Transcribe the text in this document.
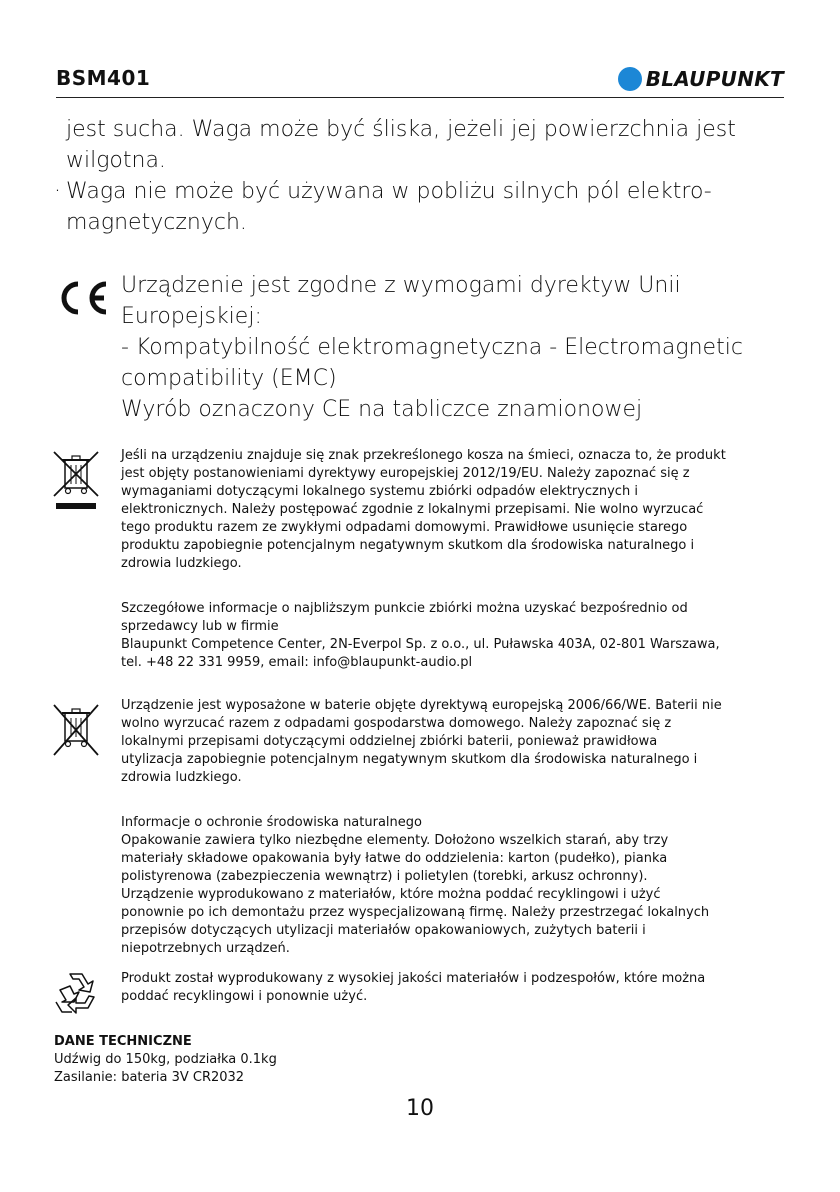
BSM401	BLAUPUNKT

jest sucha. Waga może być śliska, jeżeli jej powierzchnia jest

wilgotna.

· Waga nie może być używana w pobliżu silnych pól elektro-

magnetycznych.

Urządzenie jest zgodne z wymogami dyrektyw Unii

Europejskiej:

- Kompatybilność elektromagnetyczna - Electromagnetic

compatibility (EMC)

Wyrób oznaczony CE na tabliczce znamionowej

Jeśli na urządzeniu znajduje się znak przekreślonego kosza na śmieci, oznacza to, że produkt
jest objęty postanowieniami dyrektywy europejskiej 2012/19/EU. Należy zapoznać się z
wymaganiami dotyczącymi lokalnego systemu zbiórki odpadów elektrycznych i
elektronicznych. Należy postępować zgodnie z lokalnymi przepisami. Nie wolno wyrzucać
tego produktu razem ze zwykłymi odpadami domowymi. Prawidłowe usunięcie starego
produktu zapobiegnie potencjalnym negatywnym skutkom dla środowiska naturalnego i
zdrowia ludzkiego.

Szczegółowe informacje o najbliższym punkcie zbiórki można uzyskać bezpośrednio od
sprzedawcy lub w firmie
Blaupunkt Competence Center, 2N-Everpol Sp. z o.o., ul. Puławska 403A, 02-801 Warszawa,
tel. +48 22 331 9959, email: info@blaupunkt-audio.pl

Urządzenie jest wyposażone w baterie objęte dyrektywą europejską 2006/66/WE. Baterii nie
wolno wyrzucać razem z odpadami gospodarstwa domowego. Należy zapoznać się z
lokalnymi przepisami dotyczącymi oddzielnej zbiórki baterii, ponieważ prawidłowa
utylizacja zapobiegnie potencjalnym negatywnym skutkom dla środowiska naturalnego i
zdrowia ludzkiego.

Informacje o ochronie środowiska naturalnego
Opakowanie zawiera tylko niezbędne elementy. Dołożono wszelkich starań, aby trzy
materiały składowe opakowania były łatwe do oddzielenia: karton (pudełko), pianka
polistyrenowa (zabezpieczenia wewnątrz) i polietylen (torebki, arkusz ochronny).
Urządzenie wyprodukowano z materiałów, które można poddać recyklingowi i użyć
ponownie po ich demontażu przez wyspecjalizowaną firmę. Należy przestrzegać lokalnych
przepisów dotyczących utylizacji materiałów opakowaniowych, zużytych baterii i
niepotrzebnych urządzeń.

Produkt został wyprodukowany z wysokiej jakości materiałów i podzespołów, które można
poddać recyklingowi i ponownie użyć.

DANE TECHNICZNE

Udźwig do 150kg, podziałka 0.1kg

Zasilanie: bateria 3V CR2032

10
